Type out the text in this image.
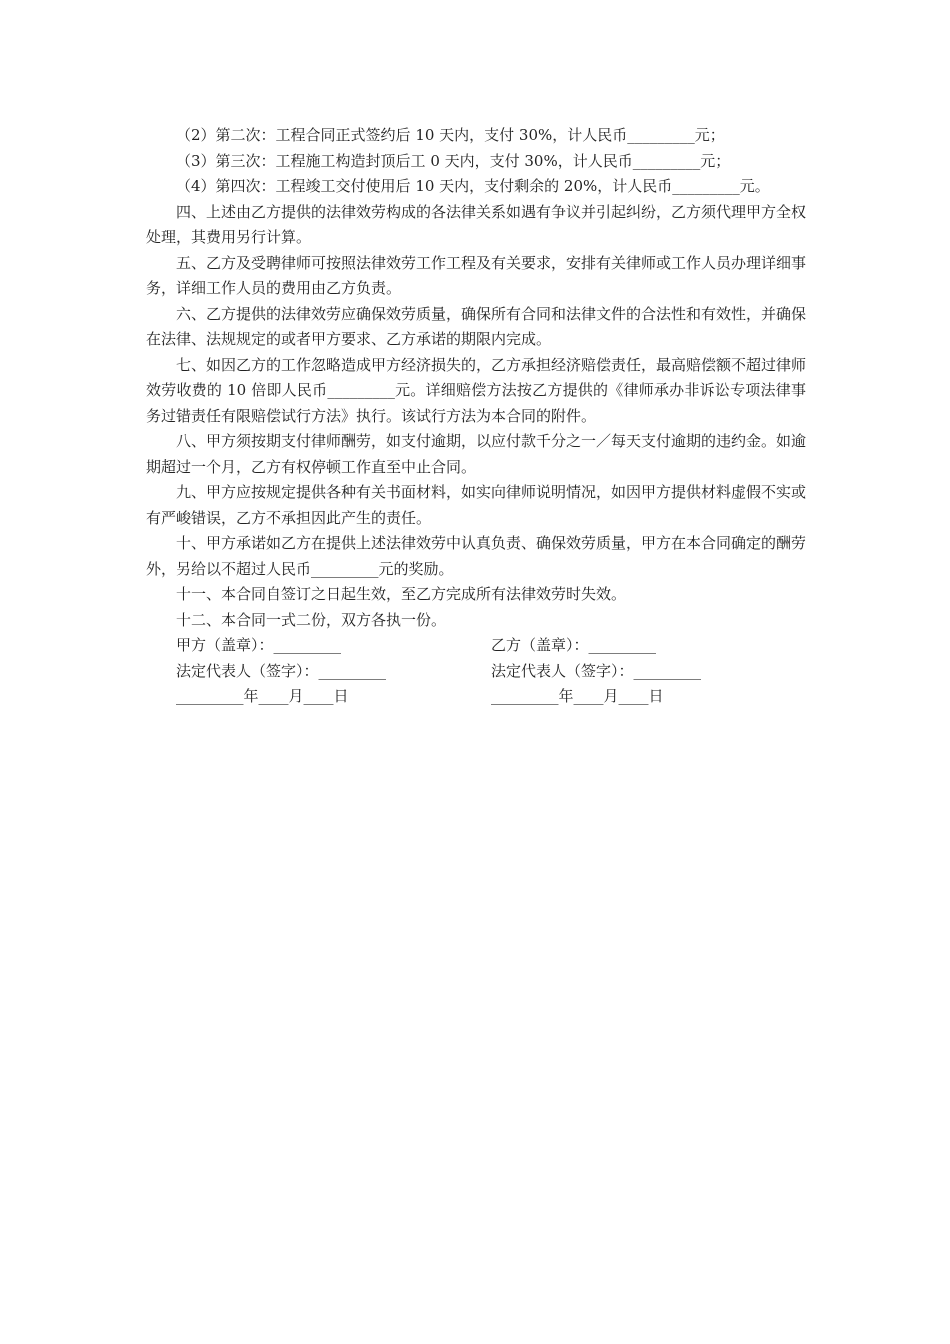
（2）第二次：工程合同正式签约后 10 天内，支付 30%，计人民币_________元；

（3）第三次：工程施工构造封顶后工 0 天内，支付 30%，计人民币_________元；

（4）第四次：工程竣工交付使用后 10 天内，支付剩余的 20%，计人民币_________元。

四、上述由乙方提供的法律效劳构成的各法律关系如遇有争议并引起纠纷，乙方须代理甲方全权处理，其费用另行计算。

五、乙方及受聘律师可按照法律效劳工作工程及有关要求，安排有关律师或工作人员办理详细事务，详细工作人员的费用由乙方负责。

六、乙方提供的法律效劳应确保效劳质量，确保所有合同和法律文件的合法性和有效性，并确保在法律、法规规定的或者甲方要求、乙方承诺的期限内完成。

七、如因乙方的工作忽略造成甲方经济损失的，乙方承担经济赔偿责任，最高赔偿额不超过律师效劳收费的 10 倍即人民币_________元。详细赔偿方法按乙方提供的《律师承办非诉讼专项法律事务过错责任有限赔偿试行方法》执行。该试行方法为本合同的附件。

八、甲方须按期支付律师酬劳，如支付逾期，以应付款千分之一／每天支付逾期的违约金。如逾期超过一个月，乙方有权停顿工作直至中止合同。

九、甲方应按规定提供各种有关书面材料，如实向律师说明情况，如因甲方提供材料虚假不实或有严峻错误，乙方不承担因此产生的责任。

十、甲方承诺如乙方在提供上述法律效劳中认真负责、确保效劳质量，甲方在本合同确定的酬劳外，另给以不超过人民币_________元的奖励。

十一、本合同自签订之日起生效，至乙方完成所有法律效劳时失效。

十二、本合同一式二份，双方各执一份。

甲方（盖章）：_________	乙方（盖章）：_________
法定代表人（签字）：_________	法定代表人（签字）：_________
_________年____月____日	_________年____月____日
